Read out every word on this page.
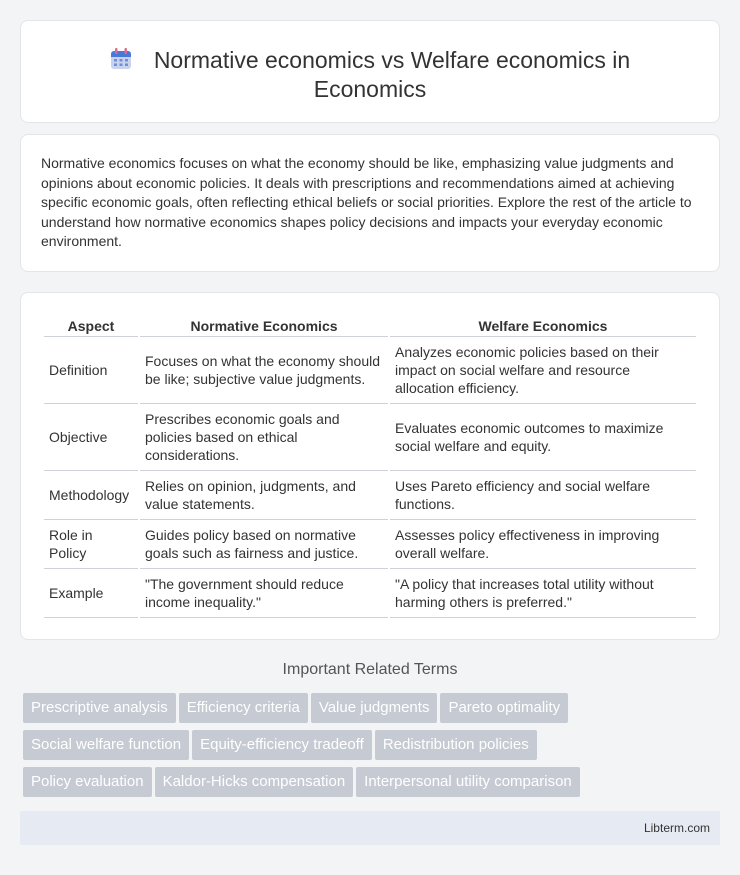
Normative economics vs Welfare economics in
Economics

Normative economics focuses on what the economy should be like, emphasizing value judgments and opinions about economic policies. It deals with prescriptions and recommendations aimed at achieving specific economic goals, often reflecting ethical beliefs or social priorities. Explore the rest of the article to understand how normative economics shapes policy decisions and impacts your everyday economic environment.

Aspect	Normative Economics	Welfare Economics
Definition	Focuses on what the economy should be like; subjective value judgments.	Analyzes economic policies based on their impact on social welfare and resource allocation efficiency.
Objective	Prescribes economic goals and policies based on ethical considerations.	Evaluates economic outcomes to maximize social welfare and equity.
Methodology	Relies on opinion, judgments, and value statements.	Uses Pareto efficiency and social welfare functions.
Role in Policy	Guides policy based on normative goals such as fairness and justice.	Assesses policy effectiveness in improving overall welfare.
Example	"The government should reduce income inequality."	"A policy that increases total utility without harming others is preferred."
Important Related Terms
Prescriptive analysis Efficiency criteria Value judgments Pareto optimality
Social welfare function Equity-efficiency tradeoff Redistribution policies
Policy evaluation Kaldor-Hicks compensation Interpersonal utility comparison
Libterm.com
